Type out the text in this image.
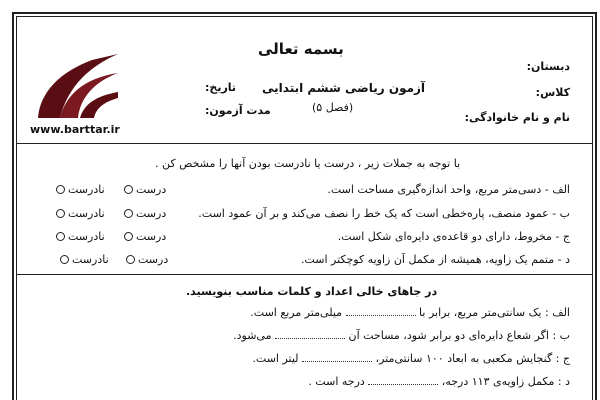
بسمه تعالی
دبستان:
کلاس:
آزمون ریاضی ششم ابتدایی
تاریخ:
(فصل ۵)
نام و نام خانوادگی:
مدت آزمون:
www.barttar.ir
با توجه به جملات زیر ، درست یا نادرست بودن آنها را مشخص کن .
الف - دسی‌متر مربع، واحد اندازه‌گیری مساحت است.
ب - عمود منصف، پاره‌خطی است که یک خط را نصف می‌کند و بر آن عمود است.
ج - مخروط، دارای دو قاعده‌ی دایره‌ای شکل است.
د - متمم یک زاویه، همیشه از مکمل آن زاویه کوچکتر است.
درست
نادرست
درست
نادرست
درست
نادرست
درست
نادرست
در جاهای خالی اعداد و کلمات مناسب بنویسید.
الف : یک سانتی‌متر مربع، برابر با  میلی‌متر مربع است.
ب : اگر شعاع دایره‌ای دو برابر شود، مساحت آن  می‌شود.
ج : گنجایش مکعبی به ابعاد ۱۰۰ سانتی‌متر،  لیتر است.
د : مکمل زاویه‌ی ۱۱۳ درجه،  درجه است .
